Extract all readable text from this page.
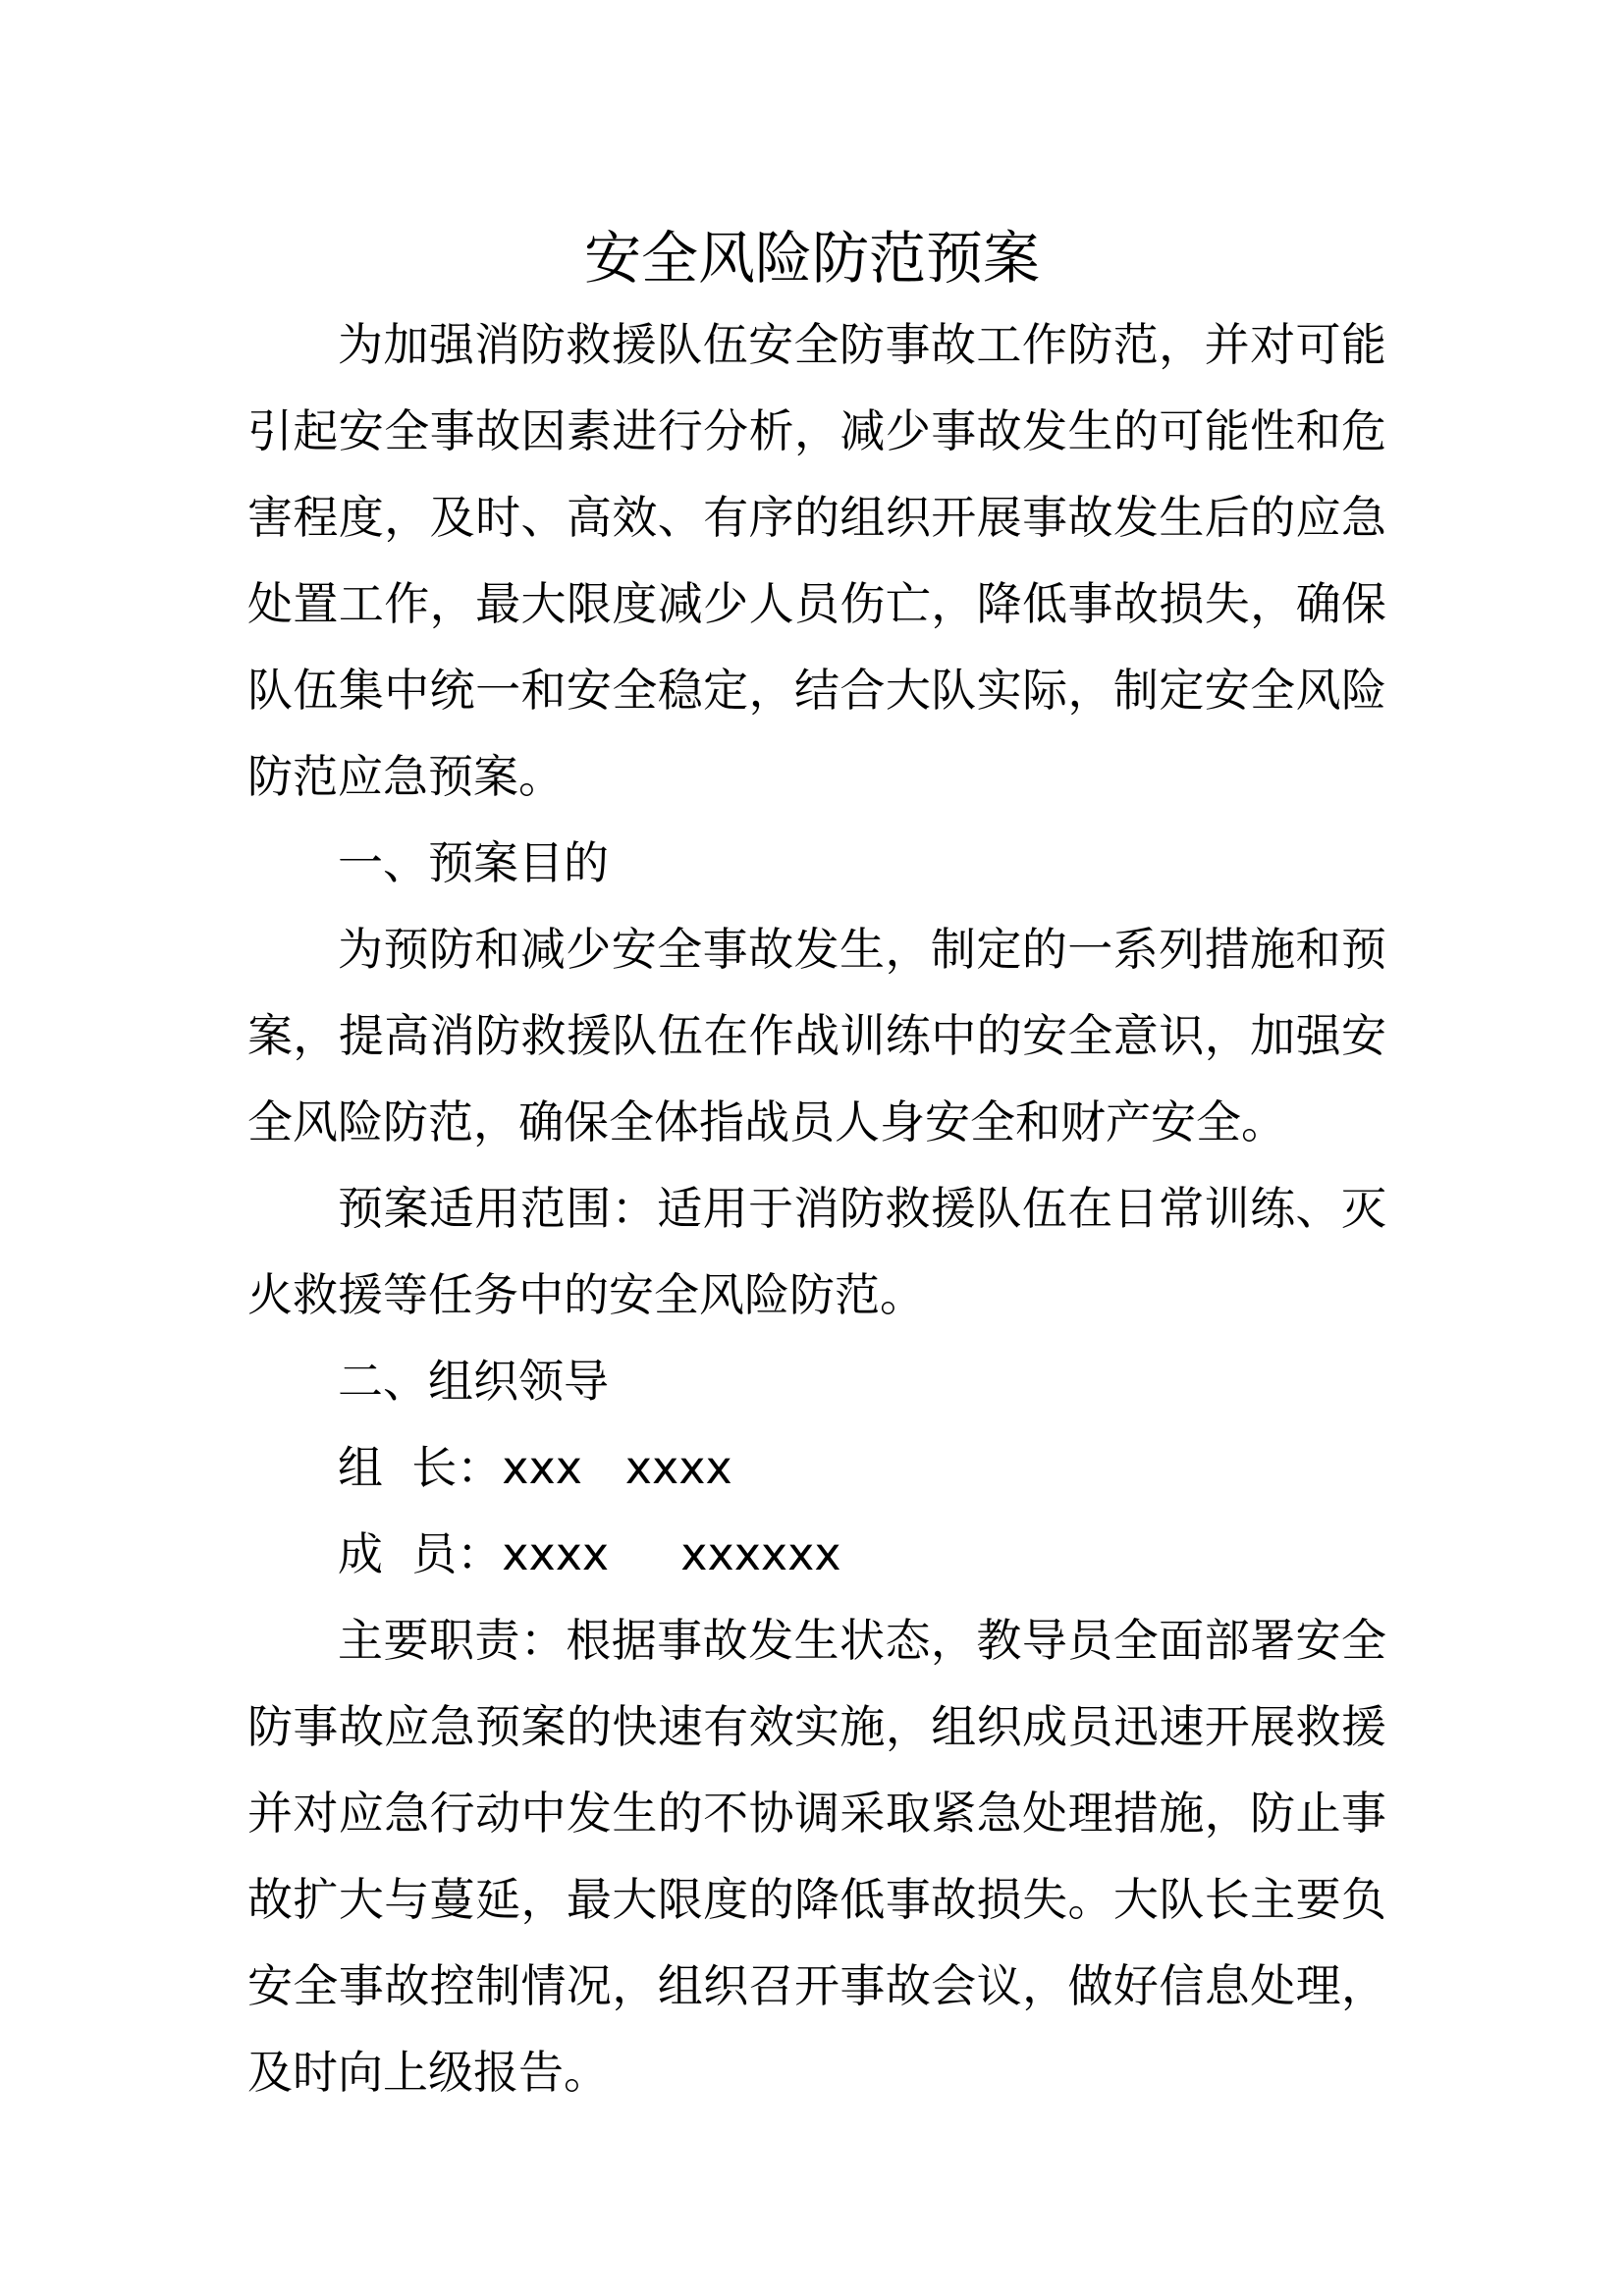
安全风险防范预案

为加强消防救援队伍安全防事故工作防范，并对可能引起安全事故因素进行分析，减少事故发生的可能性和危害程度，及时、高效、有序的组织开展事故发生后的应急处置工作，最大限度减少人员伤亡，降低事故损失，确保队伍集中统一和安全稳定，结合大队实际，制定安全风险防范应急预案。

一、预案目的

为预防和减少安全事故发生，制定的一系列措施和预案，提高消防救援队伍在作战训练中的安全意识，加强安全风险防范，确保全体指战员人身安全和财产安全。

预案适用范围：适用于消防救援队伍在日常训练、灭火救援等任务中的安全风险防范。

二、组织领导

组  长：xxx   xxxx

成  员：xxxx     xxxxxx

主要职责：根据事故发生状态，教导员全面部署安全防事故应急预案的快速有效实施，组织成员迅速开展救援并对应急行动中发生的不协调采取紧急处理措施，防止事故扩大与蔓延，最大限度的降低事故损失。大队长主要负安全事故控制情况，组织召开事故会议，做好信息处理，及时向上级报告。
